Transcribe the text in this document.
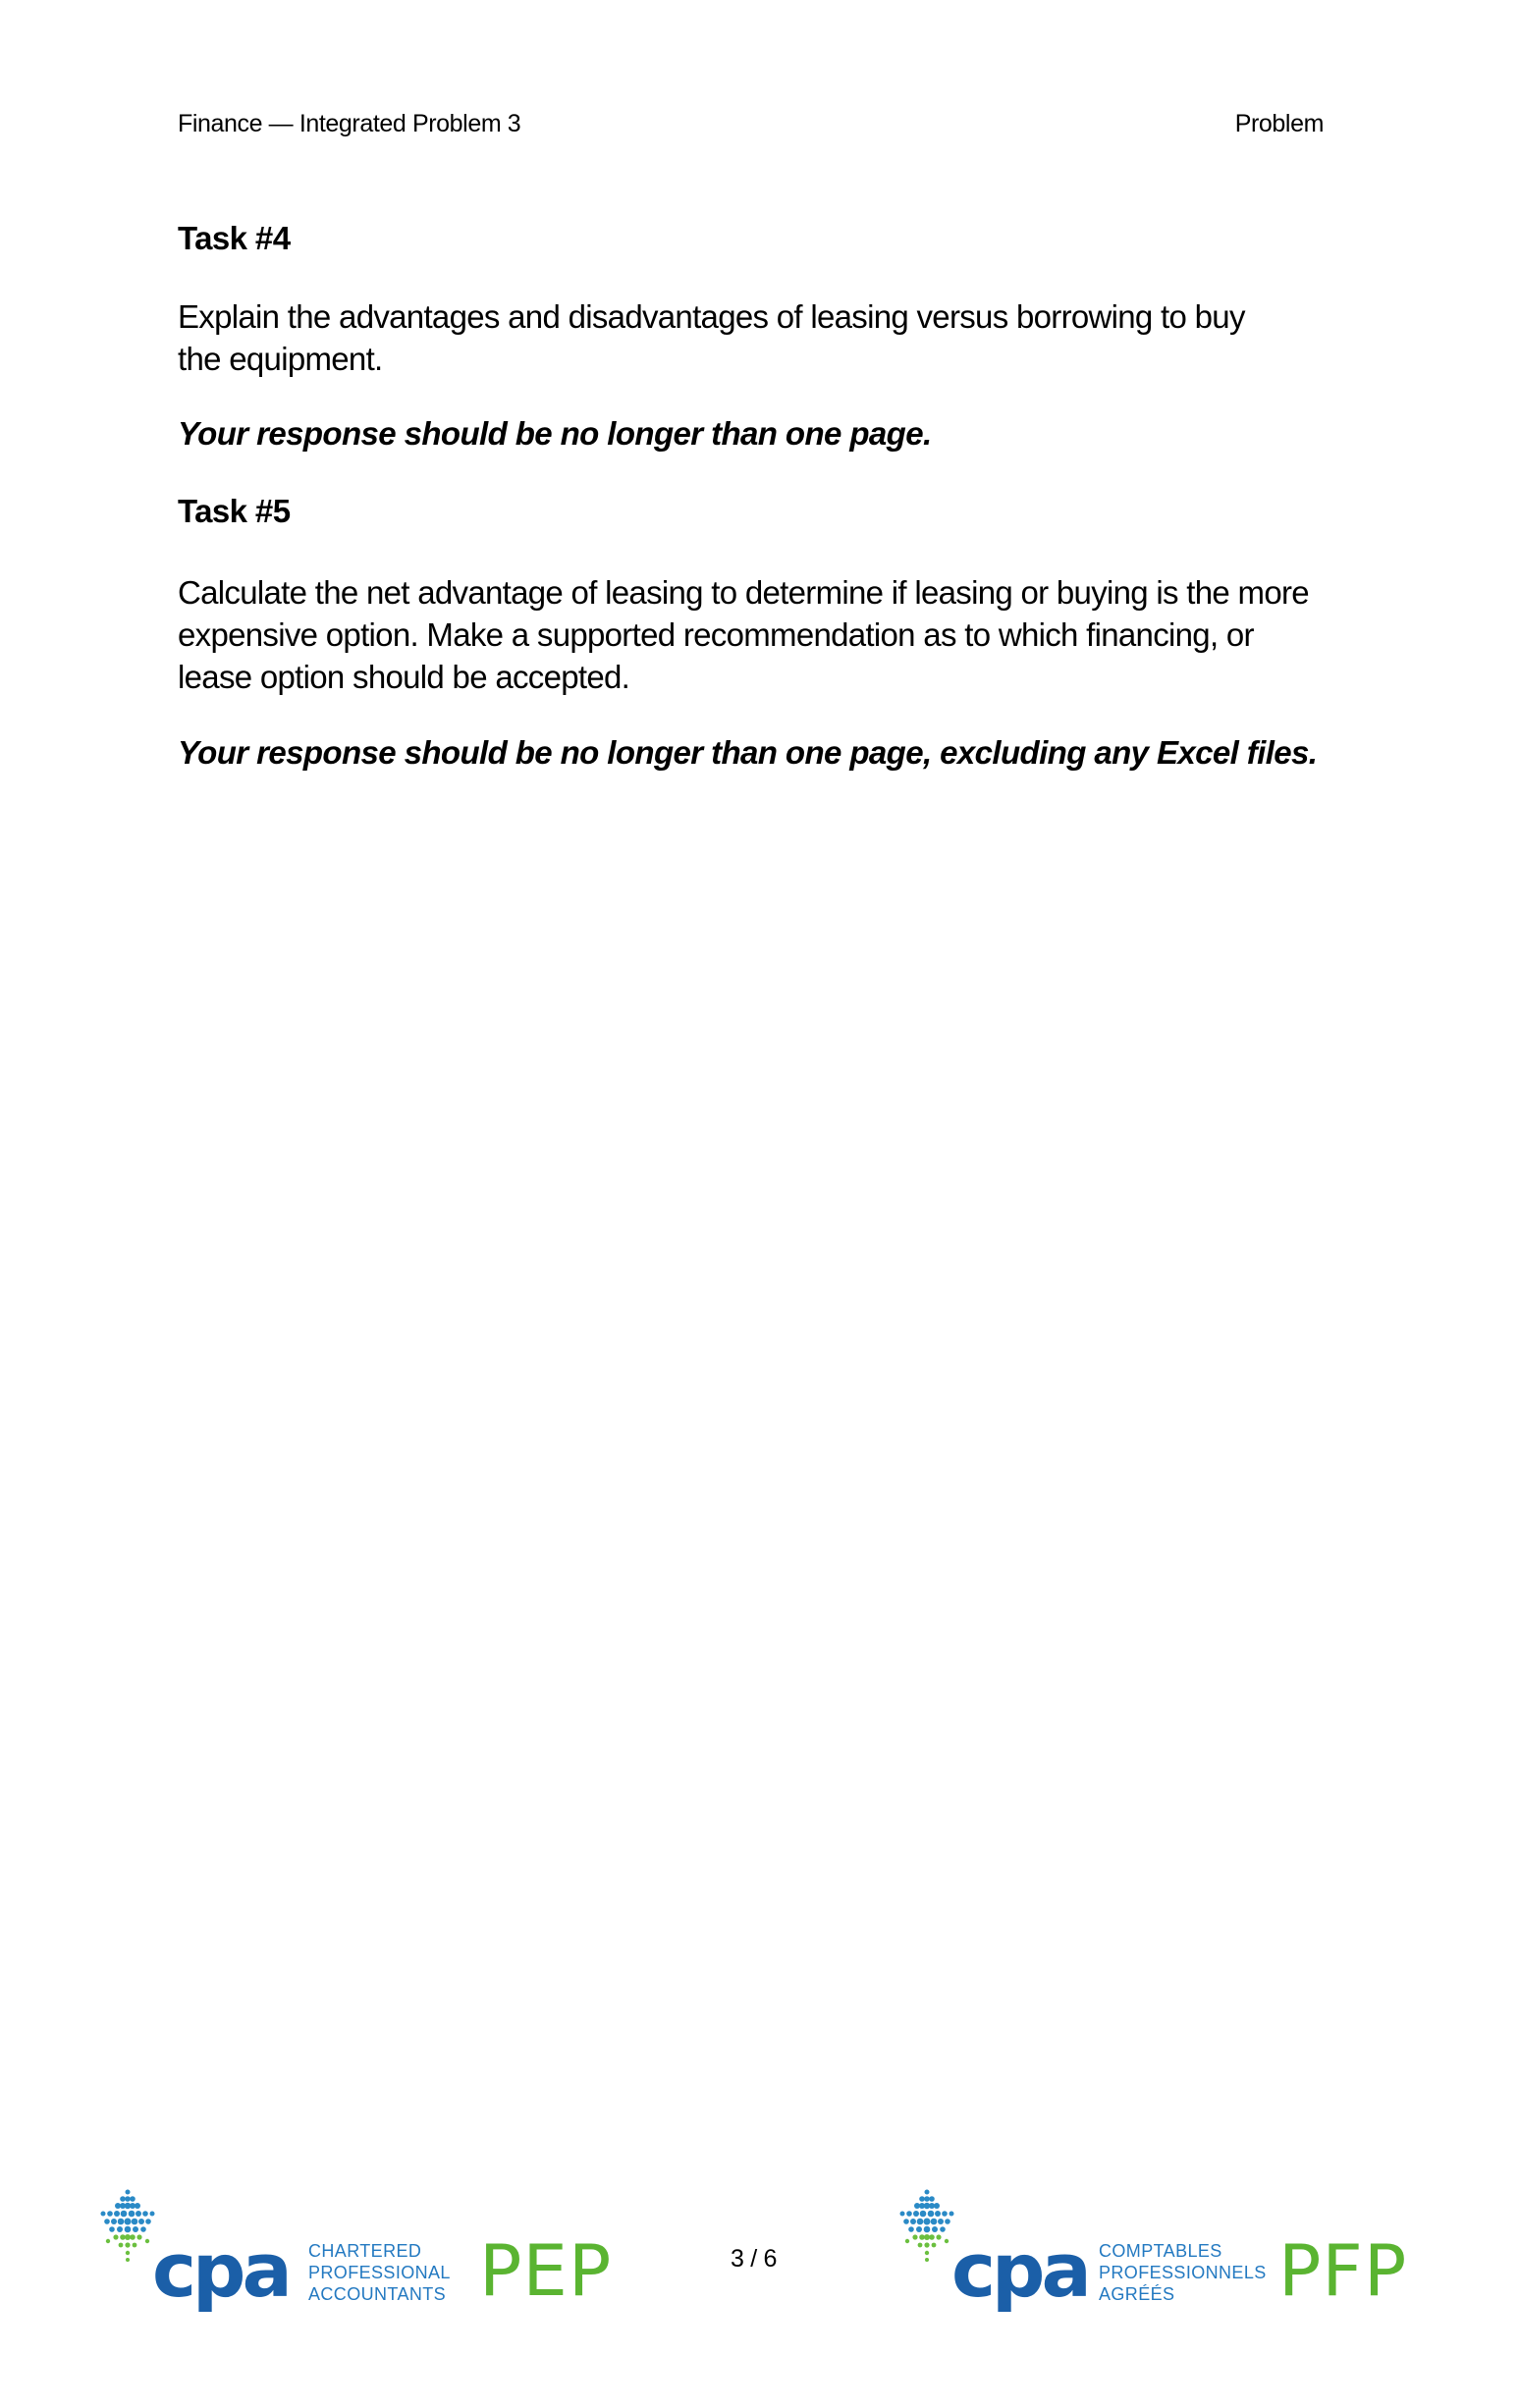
Finance — Integrated Problem 3	Problem
Task #4

Explain the advantages and disadvantages of leasing versus borrowing to buy the equipment.

Your response should be no longer than one page.

Task #5

Calculate the net advantage of leasing to determine if leasing or buying is the more expensive option. Make a supported recommendation as to which financing, or lease option should be accepted.

Your response should be no longer than one page, excluding any Excel files.

cpa CHARTERED
PROFESSIONAL
ACCOUNTANTS PEP	cpa COMPTABLES
PROFESSIONNELS
AGRÉÉS	PFP
3 / 6
